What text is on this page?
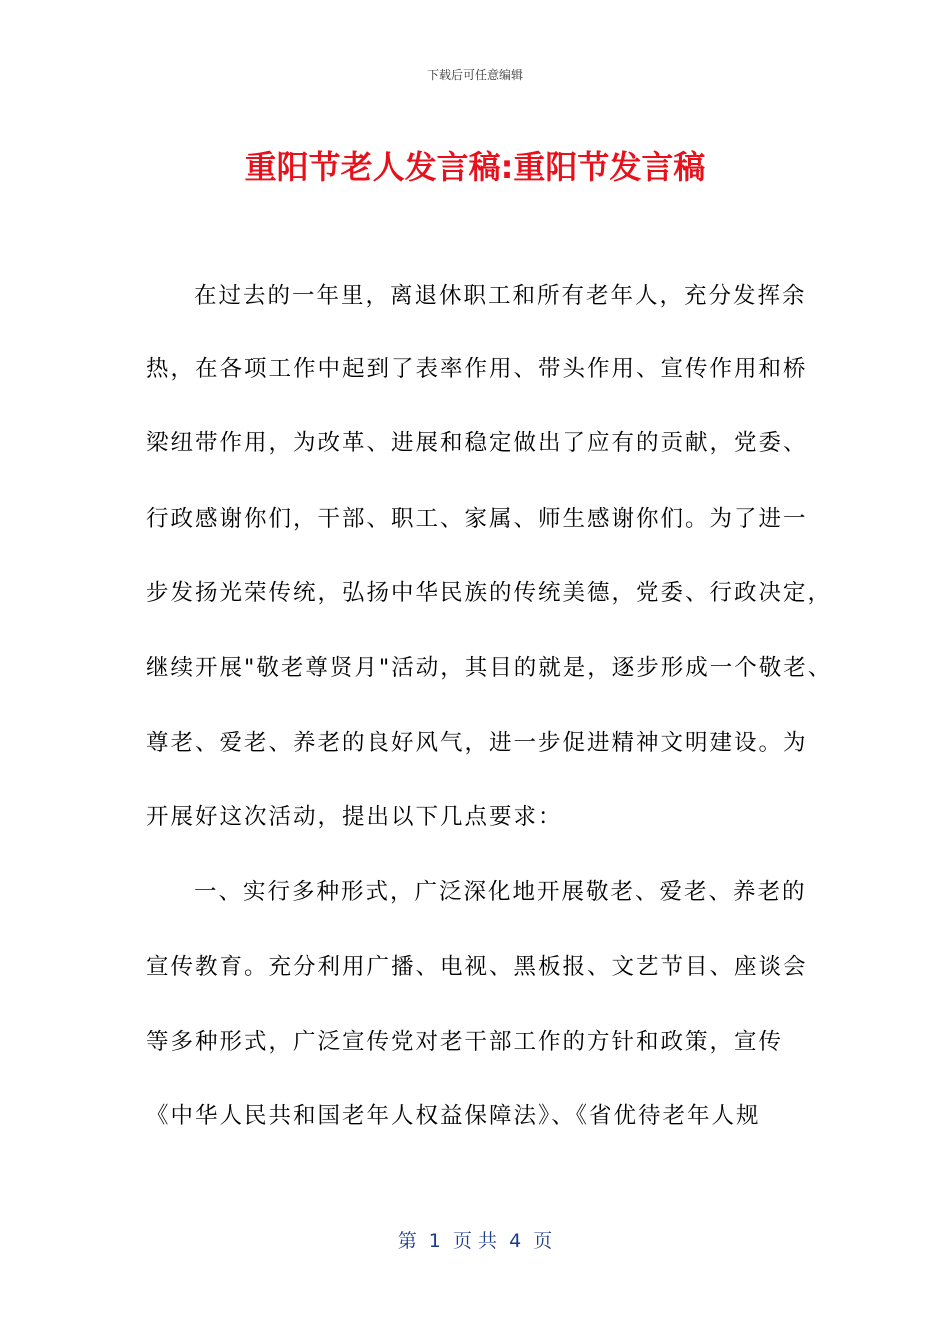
下载后可任意编辑
重阳节老人发言稿:重阳节发言稿
在过去的一年里，离退休职工和所有老年人，充分发挥余
热，在各项工作中起到了表率作用、带头作用、宣传作用和桥
梁纽带作用，为改革、进展和稳定做出了应有的贡献，党委、
行政感谢你们，干部、职工、家属、师生感谢你们。为了进一
步发扬光荣传统，弘扬中华民族的传统美德，党委、行政决定，
继续开展"敬老尊贤月"活动，其目的就是，逐步形成一个敬老、
尊老、爱老、养老的良好风气，进一步促进精神文明建设。为
开展好这次活动，提出以下几点要求：
一、实行多种形式，广泛深化地开展敬老、爱老、养老的
宣传教育。充分利用广播、电视、黑板报、文艺节目、座谈会
等多种形式，广泛宣传党对老干部工作的方针和政策，宣传
《中华人民共和国老年人权益保障法》、《省优待老年人规
第  1  页 共  4  页
